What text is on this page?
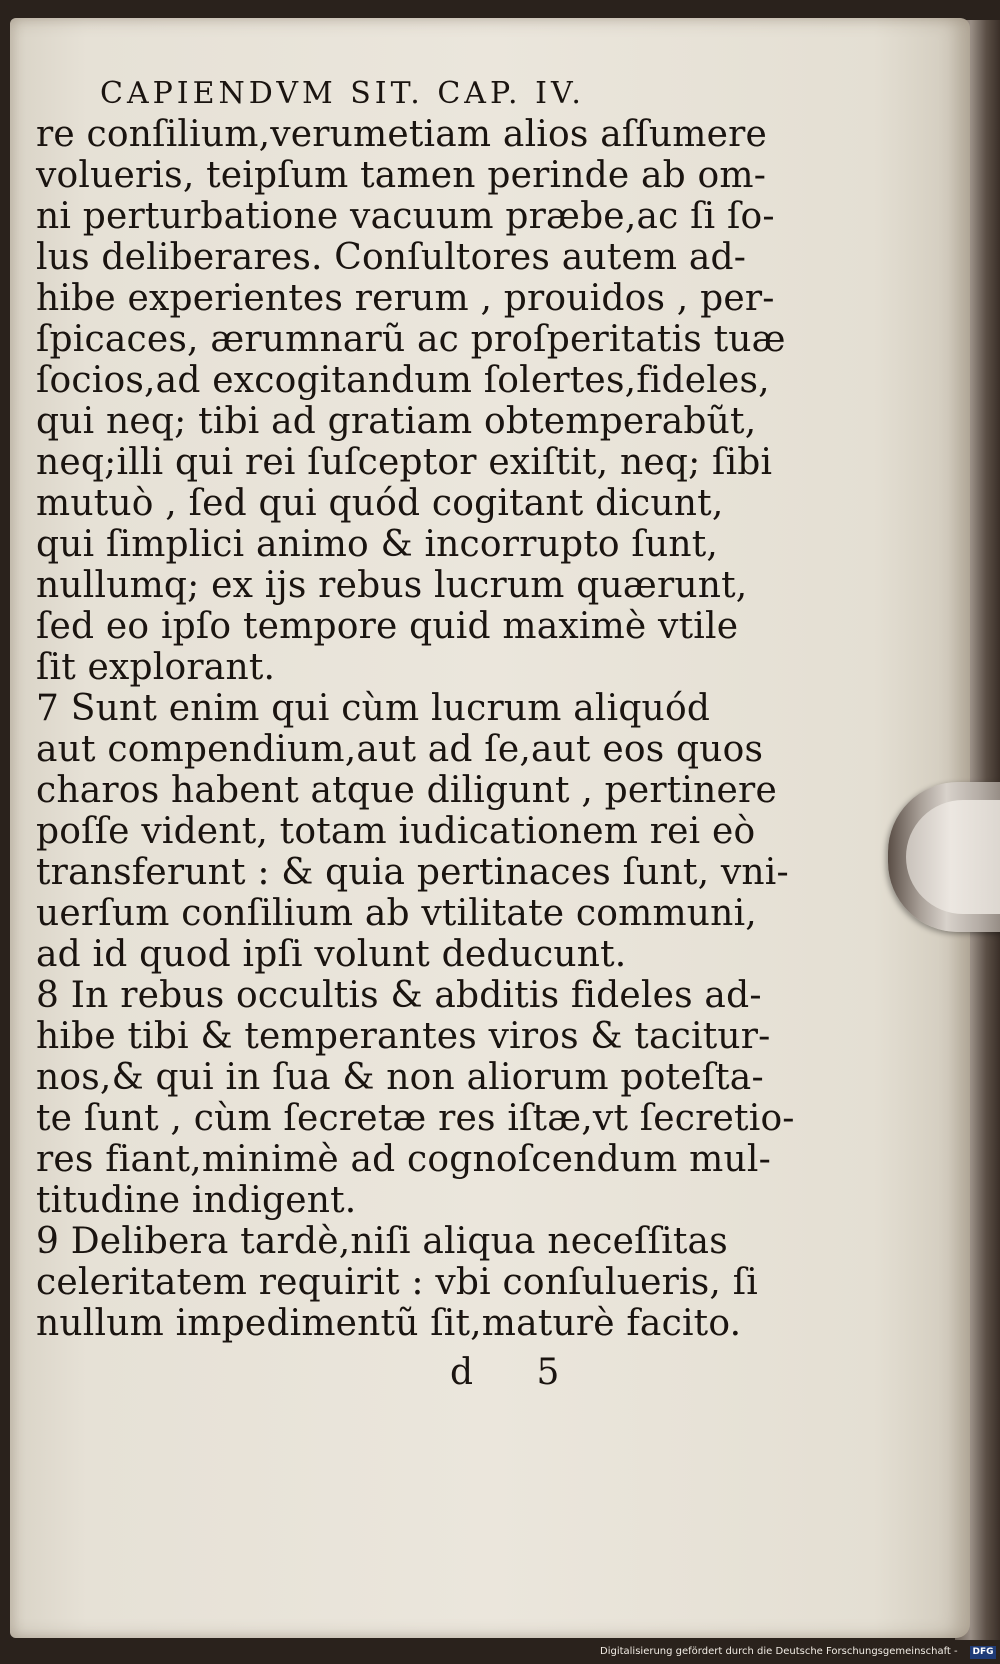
CAPIENDVM SIT. CAP. IV.
re conſilium,verumetiam alios aſſumere
volueris, teipſum tamen perinde ab om-
ni perturbatione vacuum præbe,ac ſi ſo-
lus deliberares. Conſultores autem ad-
hibe experientes rerum , prouidos , per-
ſpicaces, ærumnarũ ac proſperitatis tuæ
ſocios,ad excogitandum ſolertes,fideles,
qui neq; tibi ad gratiam obtemperabũt,
neq;illi qui rei ſuſceptor exiſtit, neq; ſibi
mutuò , ſed qui quód cogitant dicunt,
qui ſimplici animo & incorrupto ſunt,
nullumq; ex ijs rebus lucrum quærunt,
ſed eo ipſo tempore quid maximè vtile
ſit explorant.
7 Sunt enim qui cùm lucrum aliquód
aut compendium,aut ad ſe,aut eos quos
charos habent atque diligunt , pertinere
poſſe vident, totam iudicationem rei eò
transferunt : & quia pertinaces ſunt, vni-
uerſum conſilium ab vtilitate communi,
ad id quod ipſi volunt deducunt.
8 In rebus occultis & abditis fideles ad-
hibe tibi & temperantes viros & tacitur-
nos,& qui in ſua & non aliorum poteſta-
te ſunt , cùm ſecretæ res iſtæ,vt ſecretio-
res fiant,minimè ad cognoſcendum mul-
titudine indigent.
9 Delibera tardè,niſi aliqua neceſſitas
celeritatem requirit : vbi conſulueris, ſi
nullum impedimentũ ſit,maturè facito.
d 5
Digitalisierung gefördert durch die Deutsche Forschungsgemeinschaft - DFG
